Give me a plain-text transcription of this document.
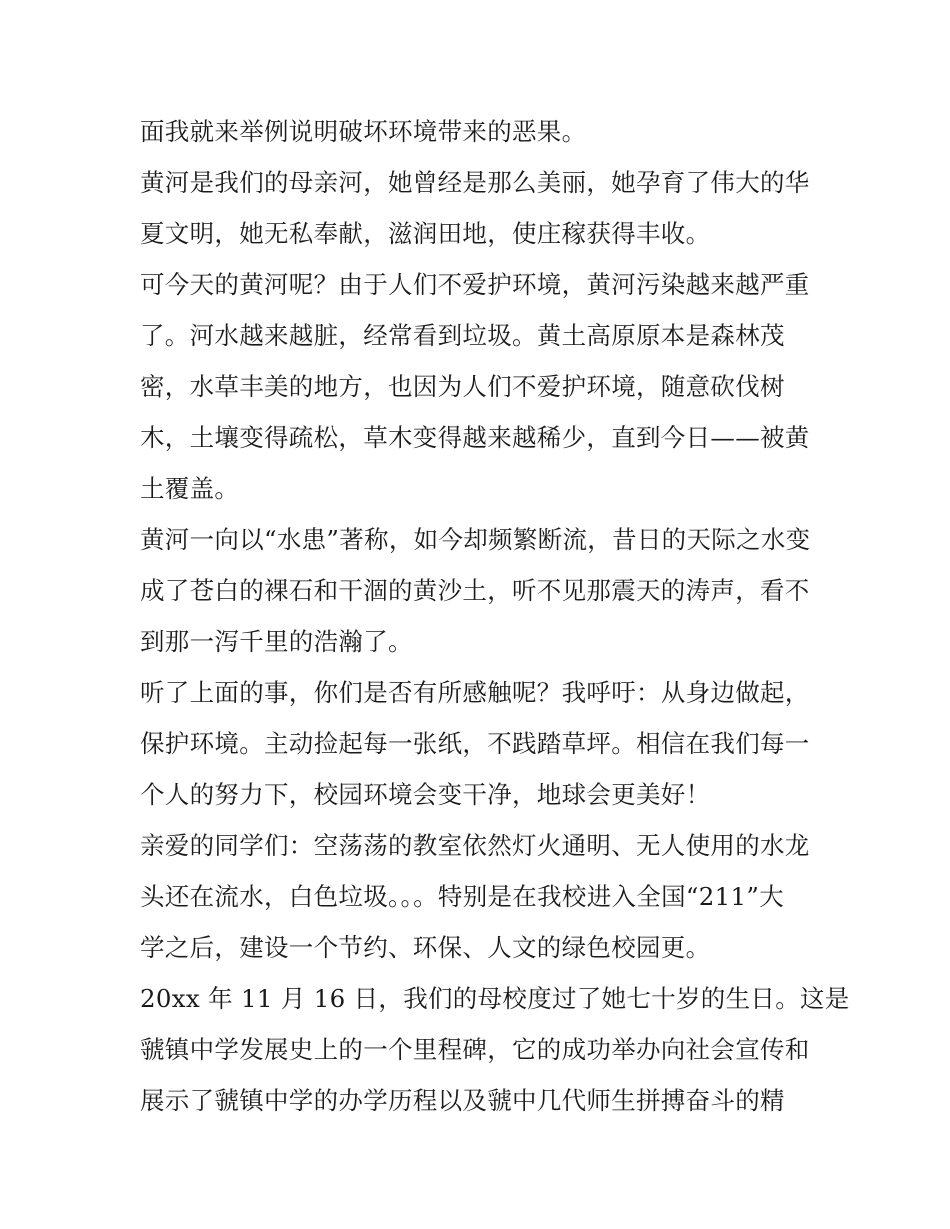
面我就来举例说明破坏环境带来的恶果。
黄河是我们的母亲河，她曾经是那么美丽，她孕育了伟大的华
夏文明，她无私奉献，滋润田地，使庄稼获得丰收。
可今天的黄河呢？由于人们不爱护环境，黄河污染越来越严重
了。河水越来越脏，经常看到垃圾。黄土高原原本是森林茂
密，水草丰美的地方，也因为人们不爱护环境，随意砍伐树
木，土壤变得疏松，草木变得越来越稀少，直到今日——被黄
土覆盖。
黄河一向以“水患”著称，如今却频繁断流，昔日的天际之水变
成了苍白的裸石和干涸的黄沙土，听不见那震天的涛声，看不
到那一泻千里的浩瀚了。
听了上面的事，你们是否有所感触呢？我呼吁：从身边做起，
保护环境。主动捡起每一张纸，不践踏草坪。相信在我们每一
个人的努力下，校园环境会变干净，地球会更美好！
亲爱的同学们：空荡荡的教室依然灯火通明、无人使用的水龙
头还在流水，白色垃圾。。。特别是在我校进入全国“211”大
学之后，建设一个节约、环保、人文的绿色校园更。
20xx 年 11 月 16 日，我们的母校度过了她七十岁的生日。这是
虢镇中学发展史上的一个里程碑，它的成功举办向社会宣传和
展示了虢镇中学的办学历程以及虢中几代师生拼搏奋斗的精
